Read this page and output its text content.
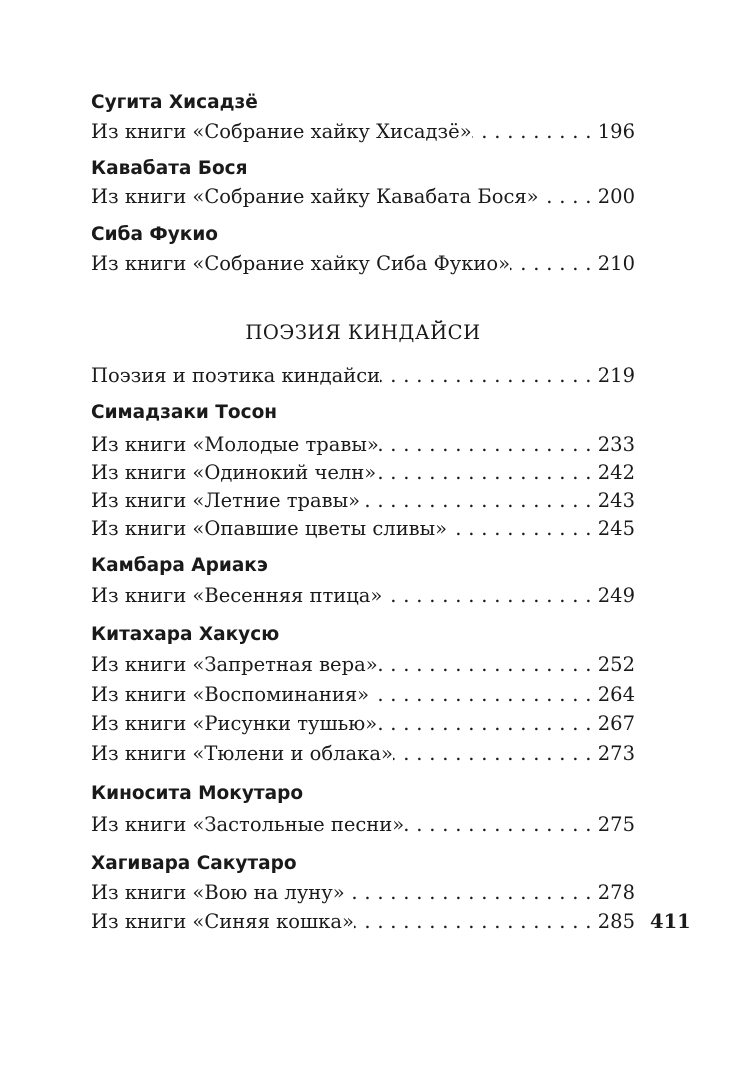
Сугита Хисадзё
Из книги «Собрание хайку Хисадзё» . . .	196
Кавабата Бося
Из книги «Собрание хайку Кавабата Бося» . . .	200
Сиба Фукио
Из книги «Собрание хайку Сиба Фукио» . . .	210
ПОЭЗИЯ КИНДАЙСИ
Поэзия и поэтика киндайси . . .	219
Симадзаки Тосон
Из книги «Молодые травы» . . .	233
Из книги «Одинокий челн» . . .	242
Из книги «Летние травы» . . .	243
Из книги «Опавшие цветы сливы» . . .	245
Камбара Ариакэ
Из книги «Весенняя птица» . . .	249
Китахара Хакусю
Из книги «Запретная вера» . . .	252
Из книги «Воспоминания» . . .	264
Из книги «Рисунки тушью» . . .	267
Из книги «Тюлени и облака» . . .	273
Киносита Мокутаро
Из книги «Застольные песни» . . .	275
Хагивара Сакутаро
Из книги «Вою на луну» . . .	278
Из книги «Синяя кошка» . . .	285 411
